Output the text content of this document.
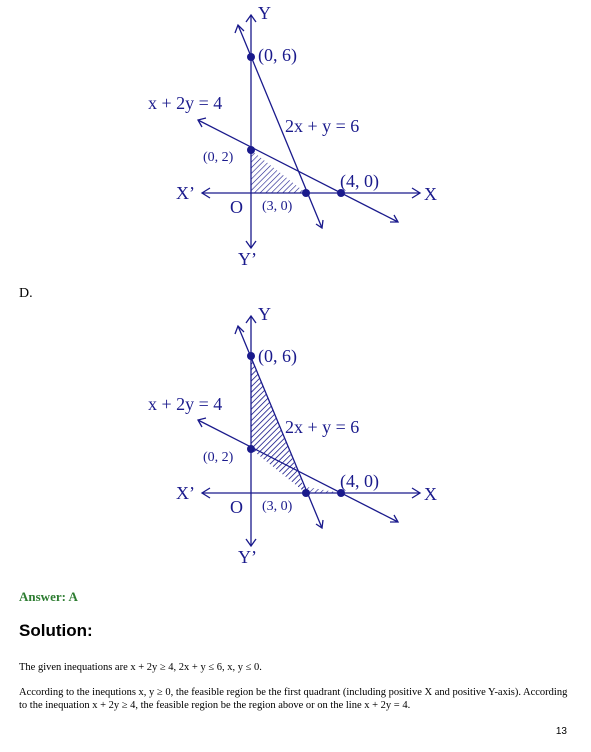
Y
Y’
X
X’
O
(0, 6)
(0, 2)
(3, 0)
(4, 0)
x + 2y = 4
2x + y = 6
D.
Y
Y’
X
X’
O
(0, 6)
(0, 2)
(3, 0)
(4, 0)
x + 2y = 4
2x + y = 6
Answer: A
Solution:
The given inequations are x + 2y ≥ 4, 2x + y ≤ 6, x, y ≤ 0.
According to the inequtions x, y ≥ 0, the feasible region be the first quadrant (including positive X and positive Y-axis). According to the inequation x + 2y ≥ 4, the feasible region be the region above or on the line x + 2y = 4.
13
